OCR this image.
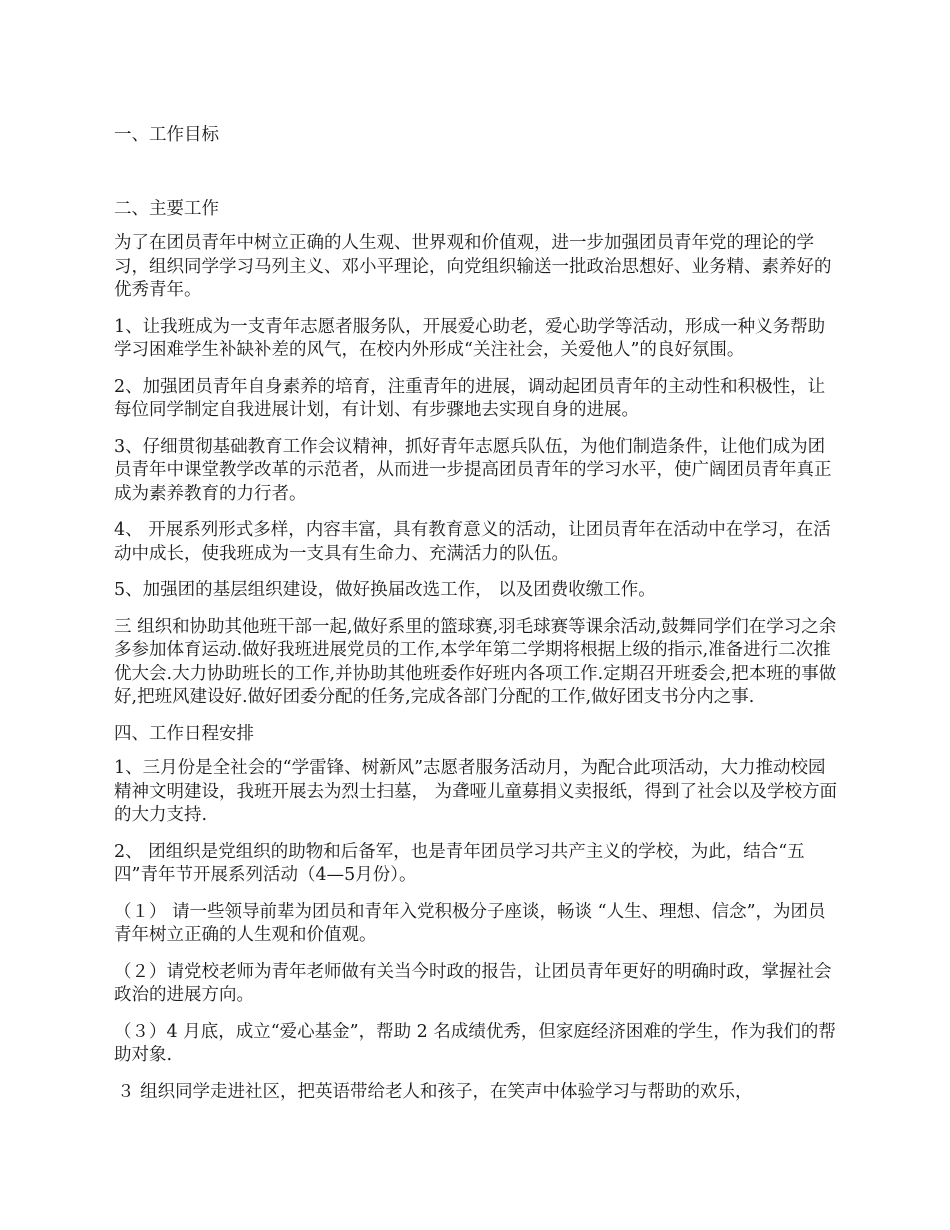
一、工作目标

二、主要工作

为了在团员青年中树立正确的人生观、世界观和价值观，进一步加强团员青年党的理论的学习，组织同学学习马列主义、邓小平理论，向党组织输送一批政治思想好、业务精、素养好的优秀青年。

1、让我班成为一支青年志愿者服务队，开展爱心助老，爱心助学等活动，形成一种义务帮助学习困难学生补缺补差的风气，在校内外形成“关注社会，关爱他人”的良好氛围。

2、加强团员青年自身素养的培育，注重青年的进展，调动起团员青年的主动性和积极性，让每位同学制定自我进展计划，有计划、有步骤地去实现自身的进展。

3、仔细贯彻基础教育工作会议精神，抓好青年志愿兵队伍，为他们制造条件，让他们成为团员青年中课堂教学改革的示范者，从而进一步提高团员青年的学习水平，使广阔团员青年真正成为素养教育的力行者。

4、 开展系列形式多样，内容丰富，具有教育意义的活动，让团员青年在活动中在学习，在活动中成长，使我班成为一支具有生命力、充满活力的队伍。

5、加强团的基层组织建设，做好换届改选工作， 以及团费收缴工作。

三 组织和协助其他班干部一起,做好系里的篮球赛,羽毛球赛等课余活动,鼓舞同学们在学习之余多参加体育运动.做好我班进展党员的工作,本学年第二学期将根据上级的指示,准备进行二次推优大会.大力协助班长的工作,并协助其他班委作好班内各项工作.定期召开班委会,把本班的事做好,把班风建设好.做好团委分配的任务,完成各部门分配的工作,做好团支书分内之事.

四、工作日程安排

1、三月份是全社会的“学雷锋、树新风”志愿者服务活动月，为配合此项活动，大力推动校园精神文明建设，我班开展去为烈士扫墓， 为聋哑儿童募捐义卖报纸，得到了社会以及学校方面的大力支持.

2、 团组织是党组织的助物和后备军，也是青年团员学习共产主义的学校，为此，结合“五四”青年节开展系列活动（4—5月份）。

（１） 请一些领导前辈为团员和青年入党积极分子座谈，畅谈 “人生、理想、信念”，为团员青年树立正确的人生观和价值观。

（２）请党校老师为青年老师做有关当今时政的报告，让团员青年更好的明确时政，掌握社会政治的进展方向。

（３）4 月底，成立“爱心基金”，帮助 2 名成绩优秀，但家庭经济困难的学生，作为我们的帮助对象.

３ 组织同学走进社区，把英语带给老人和孩子，在笑声中体验学习与帮助的欢乐，
